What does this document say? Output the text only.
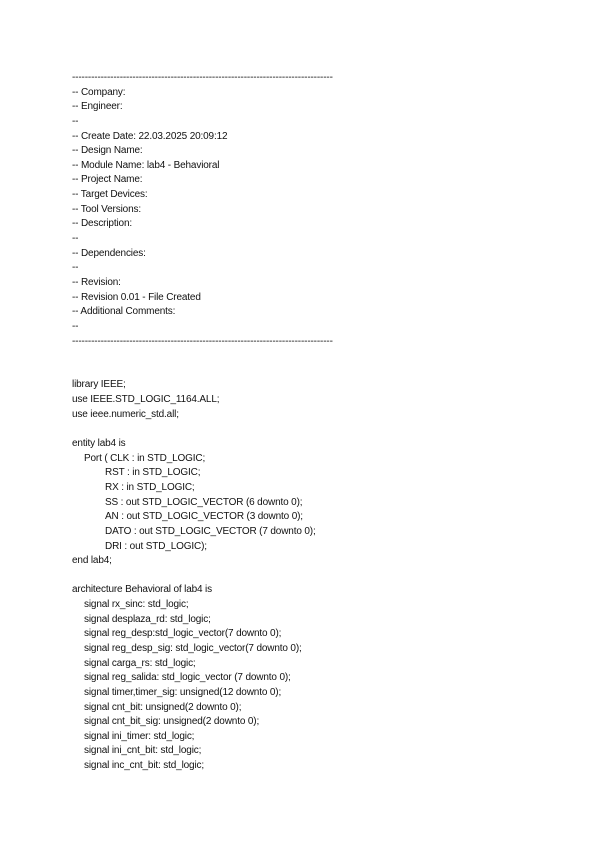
----------------------------------------------------------------------------------
-- Company:
-- Engineer:
--
-- Create Date: 22.03.2025 20:09:12
-- Design Name:
-- Module Name: lab4 - Behavioral
-- Project Name:
-- Target Devices:
-- Tool Versions:
-- Description:
--
-- Dependencies:
--
-- Revision:
-- Revision 0.01 - File Created
-- Additional Comments:
--
----------------------------------------------------------------------------------
library IEEE;
use IEEE.STD_LOGIC_1164.ALL;
use ieee.numeric_std.all;
entity lab4 is
Port ( CLK : in STD_LOGIC;
RST : in STD_LOGIC;
RX : in STD_LOGIC;
SS : out STD_LOGIC_VECTOR (6 downto 0);
AN : out STD_LOGIC_VECTOR (3 downto 0);
DATO : out STD_LOGIC_VECTOR (7 downto 0);
DRI : out STD_LOGIC);
end lab4;
architecture Behavioral of lab4 is
signal rx_sinc: std_logic;
signal desplaza_rd: std_logic;
signal reg_desp:std_logic_vector(7 downto 0);
signal reg_desp_sig: std_logic_vector(7 downto 0);
signal carga_rs: std_logic;
signal reg_salida: std_logic_vector (7 downto 0);
signal timer,timer_sig: unsigned(12 downto 0);
signal cnt_bit: unsigned(2 downto 0);
signal cnt_bit_sig: unsigned(2 downto 0);
signal ini_timer: std_logic;
signal ini_cnt_bit: std_logic;
signal inc_cnt_bit: std_logic;
